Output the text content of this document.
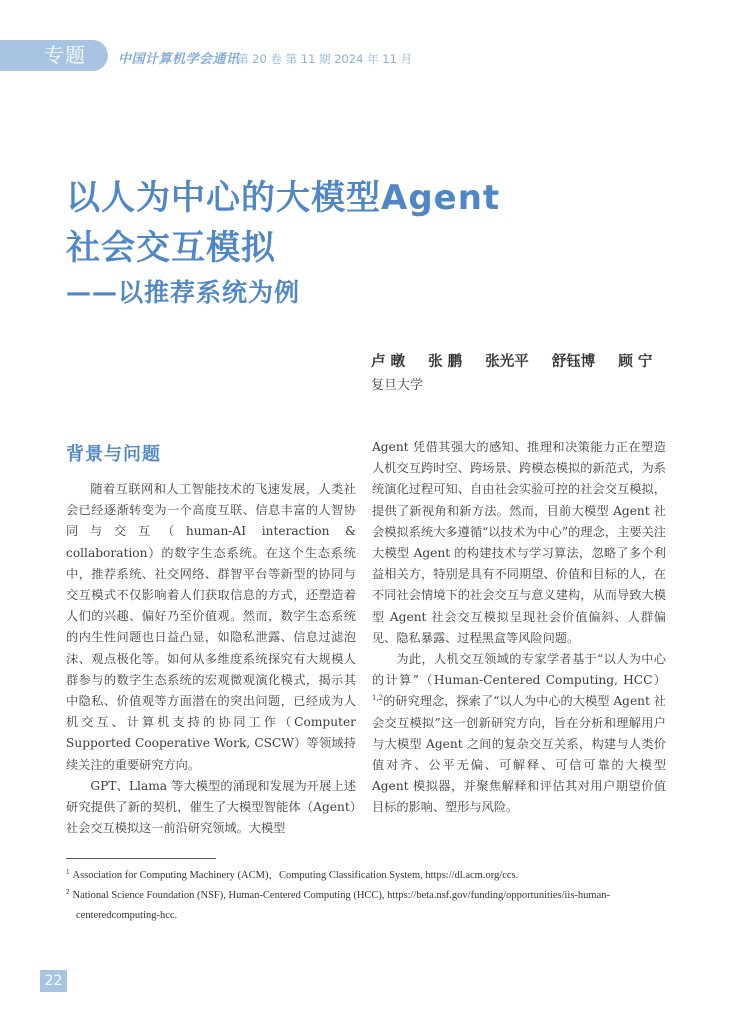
专题	中国计算机学会通讯
第 20 卷 第 11 期 2024 年 11 月
以人为中心的大模型Agent
社会交互模拟
——以推荐系统为例
卢 暾 张 鹏 张光平 舒钰博 顾 宁
复旦大学
背景与问题

随着互联网和人工智能技术的飞速发展，人类社会已经逐渐转变为一个高度互联、信息丰富的人智协同与交互（human-AI interaction & collaboration）的数字生态系统。在这个生态系统中，推荐系统、社交网络、群智平台等新型的协同与交互模式不仅影响着人们获取信息的方式，还塑造着人们的兴趣、偏好乃至价值观。然而，数字生态系统的内生性问题也日益凸显，如隐私泄露、信息过滤泡沫、观点极化等。如何从多维度系统探究有大规模人群参与的数字生态系统的宏观微观演化模式，揭示其中隐私、价值观等方面潜在的突出问题，已经成为人机交互、计算机支持的协同工作（Computer Supported Cooperative Work, CSCW）等领域持续关注的重要研究方向。

GPT、Llama 等大模型的涌现和发展为开展上述研究提供了新的契机，催生了大模型智能体（Agent）社会交互模拟这一前沿研究领域。大模型

Agent 凭借其强大的感知、推理和决策能力正在塑造人机交互跨时空、跨场景、跨模态模拟的新范式，为系统演化过程可知、自由社会实验可控的社会交互模拟，提供了新视角和新方法。然而，目前大模型 Agent 社会模拟系统大多遵循“以技术为中心”的理念，主要关注大模型 Agent 的构建技术与学习算法，忽略了多个利益相关方，特别是具有不同期望、价值和目标的人，在不同社会情境下的社会交互与意义建构，从而导致大模型 Agent 社会交互模拟呈现社会价值偏斜、人群偏见、隐私暴露、过程黑盒等风险问题。

为此，人机交互领域的专家学者基于“以人为中心的计算”（Human-Centered Computing, HCC）$^{1,2}$的研究理念，探索了“以人为中心的大模型 Agent 社会交互模拟”这一创新研究方向，旨在分析和理解用户与大模型 Agent 之间的复杂交互关系，构建与人类价值对齐、公平无偏、可解释、可信可靠的大模型 Agent 模拟器，并聚焦解释和评估其对用户期望价值目标的影响、塑形与风险。

$^1$ Association for Computing Machinery (ACM)，Computing Classification System, https://dl.acm.org/ccs.

$^2$ National Science Foundation (NSF), Human-Centered Computing (HCC), https://beta.nsf.gov/funding/opportunities/iis-human-centeredcomputing-hcc.

22
